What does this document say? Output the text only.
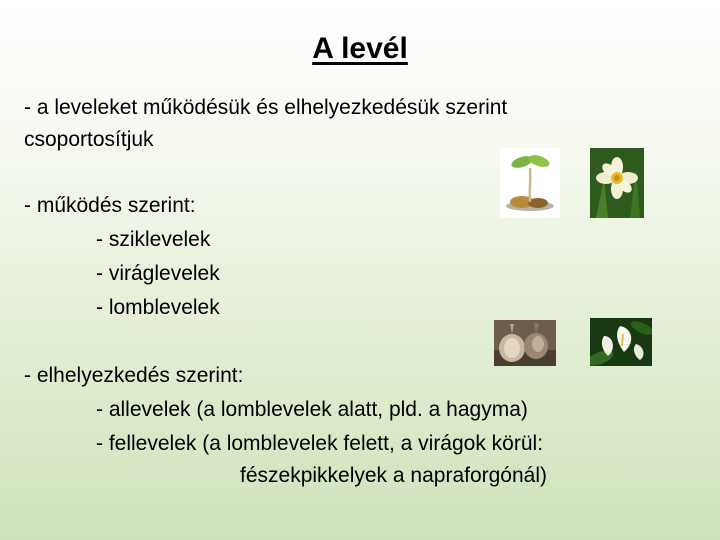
A levél
- a leveleket működésük és elhelyezkedésük szerint
csoportosítjuk
- működés szerint:
- sziklevelek
- viráglevelek
- lomblevelek
- elhelyezkedés szerint:
- allevelek (a lomblevelek alatt, pld. a hagyma)
- fellevelek (a lomblevelek felett, a virágok körül:
fészekpikkelyek a napraforgónál)
